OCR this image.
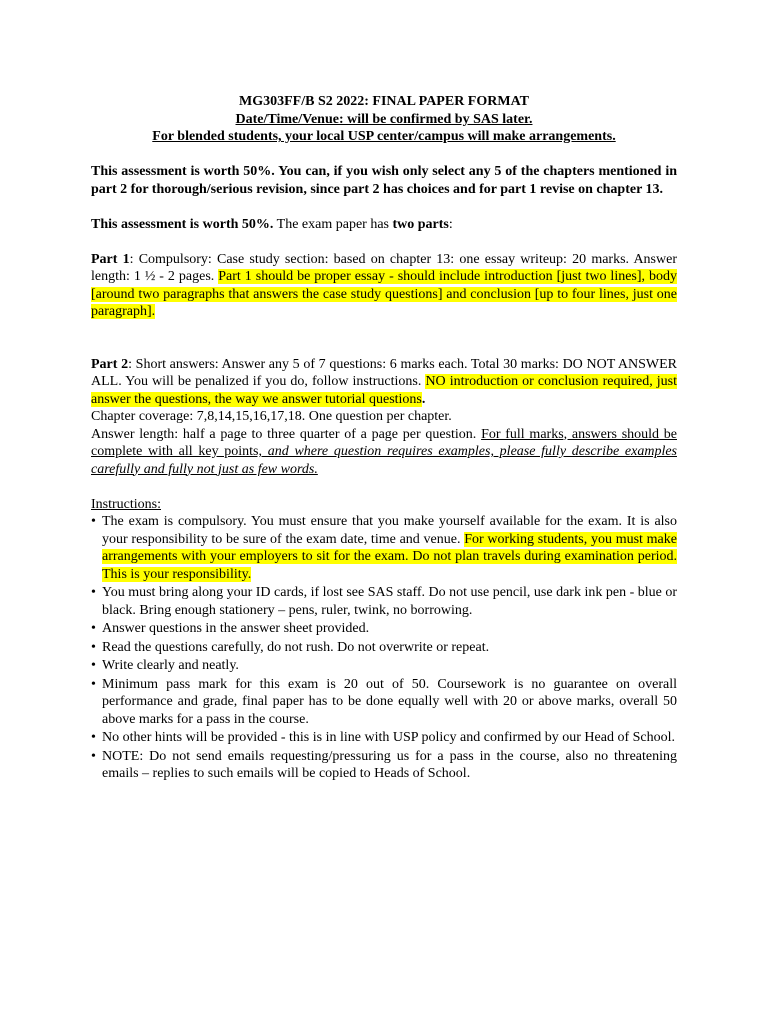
MG303FF/B S2 2022: FINAL PAPER FORMAT
Date/Time/Venue: will be confirmed by SAS later.
For blended students, your local USP center/campus will make arrangements.

This assessment is worth 50%. You can, if you wish only select any 5 of the chapters mentioned in part 2 for thorough/serious revision, since part 2 has choices and for part 1 revise on chapter 13.

This assessment is worth 50%. The exam paper has two parts:

Part 1: Compulsory: Case study section: based on chapter 13: one essay writeup: 20 marks. Answer length: 1 ½ - 2 pages. Part 1 should be proper essay - should include introduction [just two lines], body [around two paragraphs that answers the case study questions] and conclusion [up to four lines, just one paragraph].

Part 2: Short answers: Answer any 5 of 7 questions: 6 marks each. Total 30 marks: DO NOT ANSWER ALL. You will be penalized if you do, follow instructions. NO introduction or conclusion required, just answer the questions, the way we answer tutorial questions.

Chapter coverage: 7,8,14,15,16,17,18. One question per chapter.

Answer length: half a page to three quarter of a page per question. For full marks, answers should be complete with all key points, and where question requires examples, please fully describe examples carefully and fully not just as few words.

Instructions:

• The exam is compulsory. You must ensure that you make yourself available for the exam. It is also your responsibility to be sure of the exam date, time and venue. For working students, you must make arrangements with your employers to sit for the exam. Do not plan travels during examination period. This is your responsibility.
• You must bring along your ID cards, if lost see SAS staff. Do not use pencil, use dark ink pen - blue or black. Bring enough stationery – pens, ruler, twink, no borrowing.
• Answer questions in the answer sheet provided.
• Read the questions carefully, do not rush. Do not overwrite or repeat.
• Write clearly and neatly.
• Minimum pass mark for this exam is 20 out of 50. Coursework is no guarantee on overall performance and grade, final paper has to be done equally well with 20 or above marks, overall 50 above marks for a pass in the course.
• No other hints will be provided - this is in line with USP policy and confirmed by our Head of School.
• NOTE: Do not send emails requesting/pressuring us for a pass in the course, also no threatening emails – replies to such emails will be copied to Heads of School.
